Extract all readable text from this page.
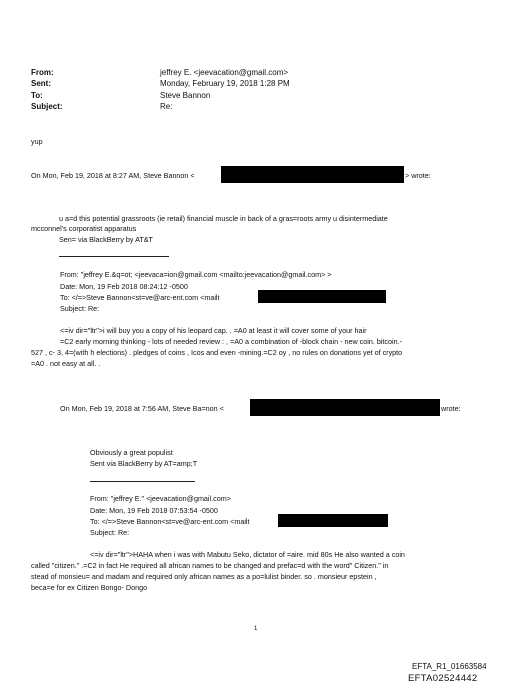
From:	jeffrey E. <jeevacation@gmail.com>
Sent:	Monday, February 19, 2018 1:28 PM
To:	Steve Bannon
Subject:	Re:
yup
On Mon, Feb 19, 2018 at 8:27 AM, Steve Bannon <	> wrote:
u a=d this potential grassroots (ie retail) financial muscle in back of a gras=roots army u disintermediate
mcconnel's corporatist apparatus
Sen= via BlackBerry by AT&T
From: "jeffrey E.&q=ot; <jeevaca=ion@gmail.com <mailto:jeevacation@gmail.com> >
Date: Mon, 19 Feb 2018 08:24:12 -0500
To: </=>Steve Bannon<st=ve@arc-ent.com <mailt
Subject: Re:
<=iv dir="ltr">i will buy you a copy of his leopard cap. . =A0 at least it will cover some of your hair
=C2 early morning thinking - lots of needed review : , =A0 a combination of -block chain - new coin. bitcoin.-
527 , c- 3, 4=(with h elections) . pledges of coins , Icos and even -mining.=C2 oy , no rules on donations yet of crypto
=A0 . not easy at all. .
On Mon, Feb 19, 2018 at 7:56 AM, Steve Ba=non <	wrote:
Obviously a great populist
Sent via BlackBerry by AT=amp;T
From: "jeffrey E." <jeevacation@gmail.com>
Date: Mon, 19 Feb 2018 07:53:54 -0500
To: </=>Steve Bannon<st=ve@arc-ent.com <mailt
Subject: Re:
<=iv dir="ltr">HAHA when i was with Mabutu Seko, dictator of =aire. mid 80s He also wanted a coin
called "citizen." .=C2 in fact He required all african names to be changed and prefac=d with the word" Citizen." in
stead of monsieu= and madam and required only african names as a po=lulist binder. so . monsieur epstein ,
beca=e for ex Citizen Bongo- Dongo
1
EFTA_R1_01663584
EFTA02524442
